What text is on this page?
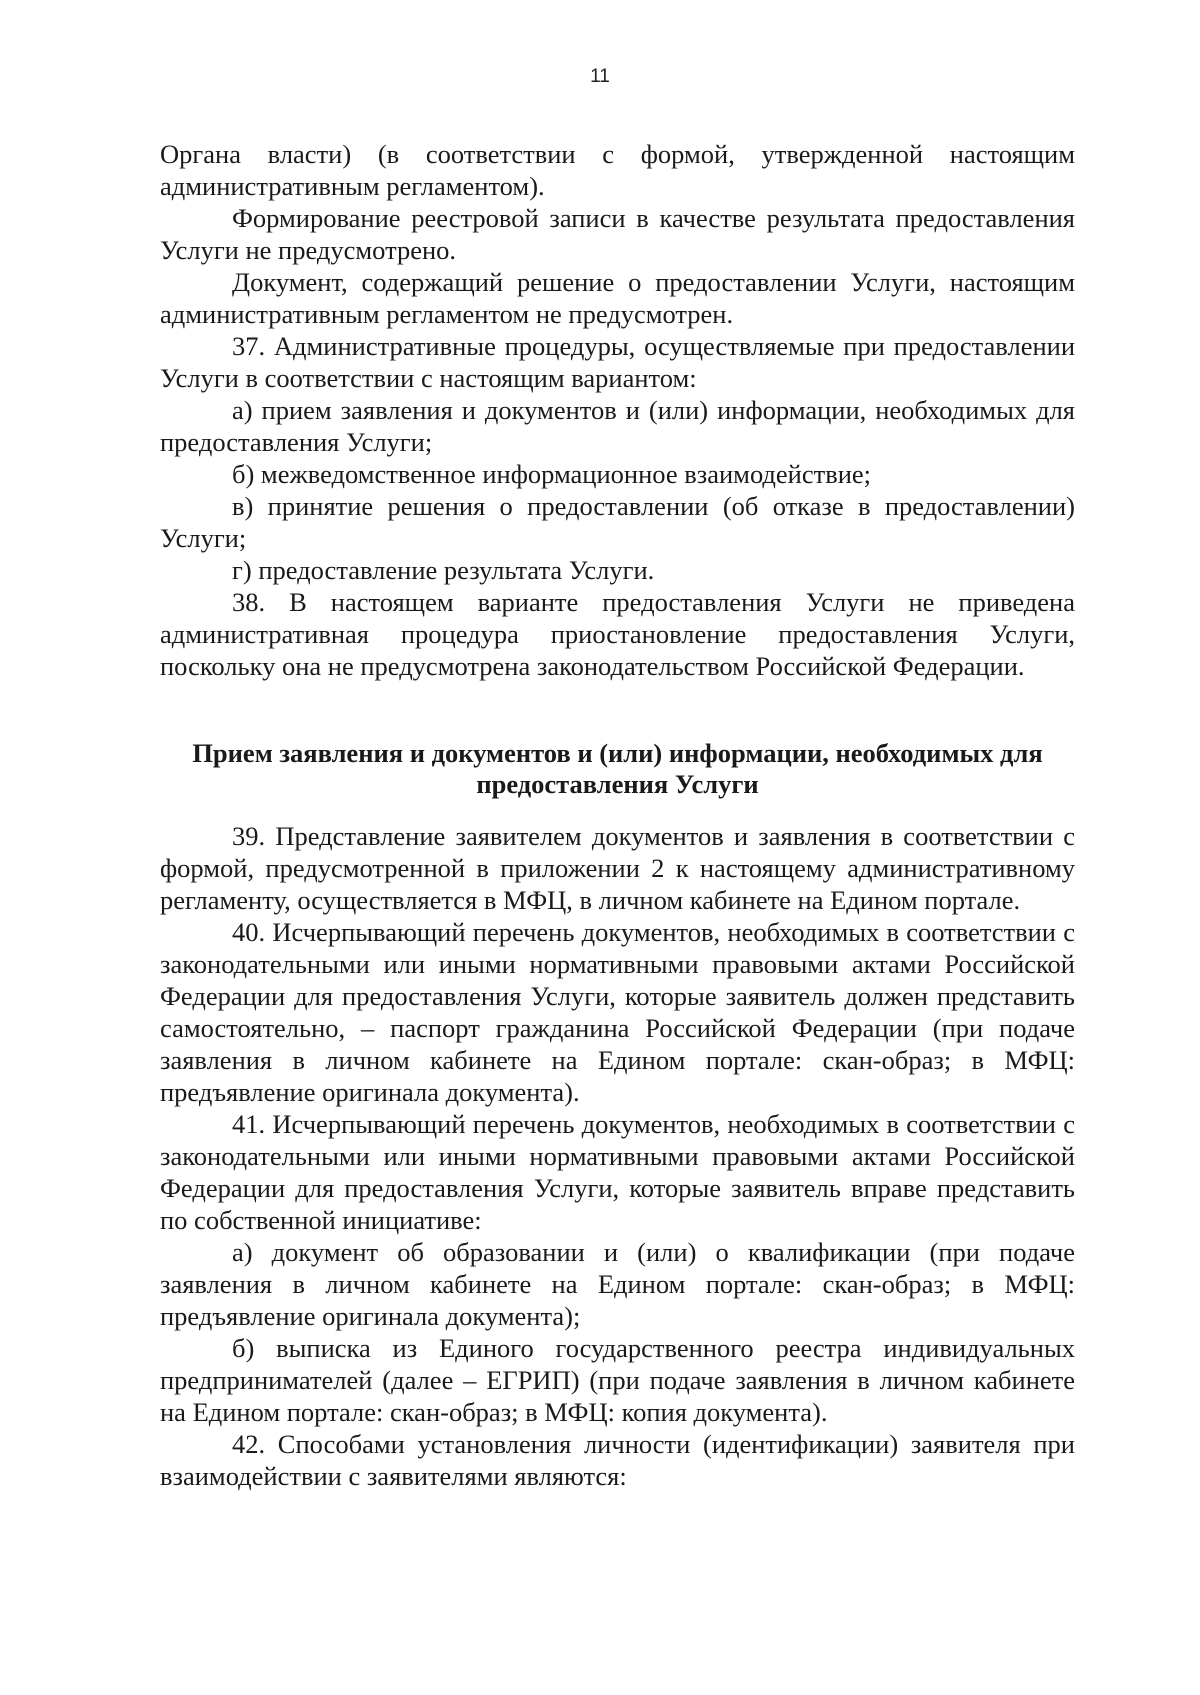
11

Органа власти) (в соответствии с формой, утвержденной настоящим административным регламентом).

Формирование реестровой записи в качестве результата предоставления Услуги не предусмотрено.

Документ, содержащий решение о предоставлении Услуги, настоящим административным регламентом не предусмотрен.

37. Административные процедуры, осуществляемые при предоставлении Услуги в соответствии с настоящим вариантом:

а) прием заявления и документов и (или) информации, необходимых для предоставления Услуги;

б) межведомственное информационное взаимодействие;

в) принятие решения о предоставлении (об отказе в предоставлении) Услуги;

г) предоставление результата Услуги.

38. В настоящем варианте предоставления Услуги не приведена административная процедура приостановление предоставления Услуги, поскольку она не предусмотрена законодательством Российской Федерации.

Прием заявления и документов и (или) информации, необходимых для предоставления Услуги

39. Представление заявителем документов и заявления в соответствии с формой, предусмотренной в приложении 2 к настоящему административному регламенту, осуществляется в МФЦ, в личном кабинете на Едином портале.

40. Исчерпывающий перечень документов, необходимых в соответствии с законодательными или иными нормативными правовыми актами Российской Федерации для предоставления Услуги, которые заявитель должен представить самостоятельно, – паспорт гражданина Российской Федерации (при подаче заявления в личном кабинете на Едином портале: скан-образ; в МФЦ: предъявление оригинала документа).

41. Исчерпывающий перечень документов, необходимых в соответствии с законодательными или иными нормативными правовыми актами Российской Федерации для предоставления Услуги, которые заявитель вправе представить по собственной инициативе:

а) документ об образовании и (или) о квалификации (при подаче заявления в личном кабинете на Едином портале: скан-образ; в МФЦ: предъявление оригинала документа);

б) выписка из Единого государственного реестра индивидуальных предпринимателей (далее – ЕГРИП) (при подаче заявления в личном кабинете на Едином портале: скан-образ; в МФЦ: копия документа).

42. Способами установления личности (идентификации) заявителя при взаимодействии с заявителями являются:
